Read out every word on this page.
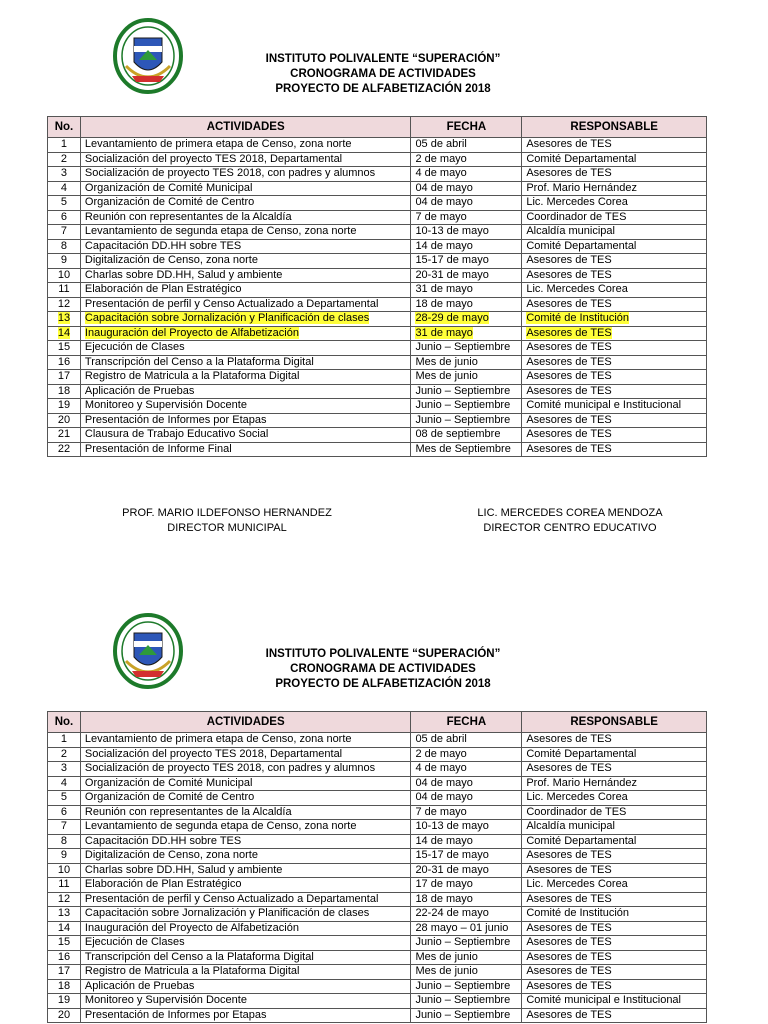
INSTITUTO POLIVALENTE “SUPERACIÓN”
CRONOGRAMA DE ACTIVIDADES
PROYECTO DE ALFABETIZACIÓN 2018
No.	ACTIVIDADES	FECHA	RESPONSABLE
1	Levantamiento de primera etapa de Censo, zona norte	05 de abril	Asesores de TES
2	Socialización del proyecto TES 2018, Departamental	2 de mayo	Comité Departamental
3	Socialización de proyecto TES 2018, con padres y alumnos	4 de mayo	Asesores de TES
4	Organización de Comité Municipal	04 de mayo	Prof. Mario Hernández
5	Organización de Comité de Centro	04 de mayo	Lic. Mercedes Corea
6	Reunión con representantes de la Alcaldía	7 de mayo	Coordinador de TES
7	Levantamiento de segunda etapa de Censo, zona norte	10-13 de mayo	Alcaldía municipal
8	Capacitación DD.HH sobre TES	14 de mayo	Comité Departamental
9	Digitalización de Censo, zona norte	15-17 de mayo	Asesores de TES
10	Charlas sobre DD.HH, Salud y ambiente	20-31 de mayo	Asesores de TES
11	Elaboración de Plan Estratégico	31 de mayo	Lic. Mercedes Corea
12	Presentación de perfil y Censo Actualizado a Departamental	18 de mayo	Asesores de TES
13	Capacitación sobre Jornalización y Planificación de clases	28-29 de mayo	Comité de Institución
14	Inauguración del Proyecto de Alfabetización	31 de mayo	Asesores de TES
15	Ejecución de Clases	Junio – Septiembre	Asesores de TES
16	Transcripción del Censo a la Plataforma Digital	Mes de junio	Asesores de TES
17	Registro de Matricula a la Plataforma Digital	Mes de junio	Asesores de TES
18	Aplicación de Pruebas	Junio – Septiembre	Asesores de TES
19	Monitoreo y Supervisión Docente	Junio – Septiembre	Comité municipal e Institucional
20	Presentación de Informes por Etapas	Junio – Septiembre	Asesores de TES
21	Clausura de Trabajo Educativo Social	08 de septiembre	Asesores de TES
22	Presentación de Informe Final	Mes de Septiembre	Asesores de TES
PROF. MARIO ILDEFONSO HERNANDEZ
DIRECTOR MUNICIPAL
LIC. MERCEDES COREA MENDOZA
DIRECTOR CENTRO EDUCATIVO
INSTITUTO POLIVALENTE “SUPERACIÓN”
CRONOGRAMA DE ACTIVIDADES
PROYECTO DE ALFABETIZACIÓN 2018
No.	ACTIVIDADES	FECHA	RESPONSABLE
1	Levantamiento de primera etapa de Censo, zona norte	05 de abril	Asesores de TES
2	Socialización del proyecto TES 2018, Departamental	2 de mayo	Comité Departamental
3	Socialización de proyecto TES 2018, con padres y alumnos	4 de mayo	Asesores de TES
4	Organización de Comité Municipal	04 de mayo	Prof. Mario Hernández
5	Organización de Comité de Centro	04 de mayo	Lic. Mercedes Corea
6	Reunión con representantes de la Alcaldía	7 de mayo	Coordinador de TES
7	Levantamiento de segunda etapa de Censo, zona norte	10-13 de mayo	Alcaldía municipal
8	Capacitación DD.HH sobre TES	14 de mayo	Comité Departamental
9	Digitalización de Censo, zona norte	15-17 de mayo	Asesores de TES
10	Charlas sobre DD.HH, Salud y ambiente	20-31 de mayo	Asesores de TES
11	Elaboración de Plan Estratégico	17 de mayo	Lic. Mercedes Corea
12	Presentación de perfil y Censo Actualizado a Departamental	18 de mayo	Asesores de TES
13	Capacitación sobre Jornalización y Planificación de clases	22-24 de mayo	Comité de Institución
14	Inauguración del Proyecto de Alfabetización	28 mayo – 01 junio	Asesores de TES
15	Ejecución de Clases	Junio – Septiembre	Asesores de TES
16	Transcripción del Censo a la Plataforma Digital	Mes de junio	Asesores de TES
17	Registro de Matricula a la Plataforma Digital	Mes de junio	Asesores de TES
18	Aplicación de Pruebas	Junio – Septiembre	Asesores de TES
19	Monitoreo y Supervisión Docente	Junio – Septiembre	Comité municipal e Institucional
20	Presentación de Informes por Etapas	Junio – Septiembre	Asesores de TES
